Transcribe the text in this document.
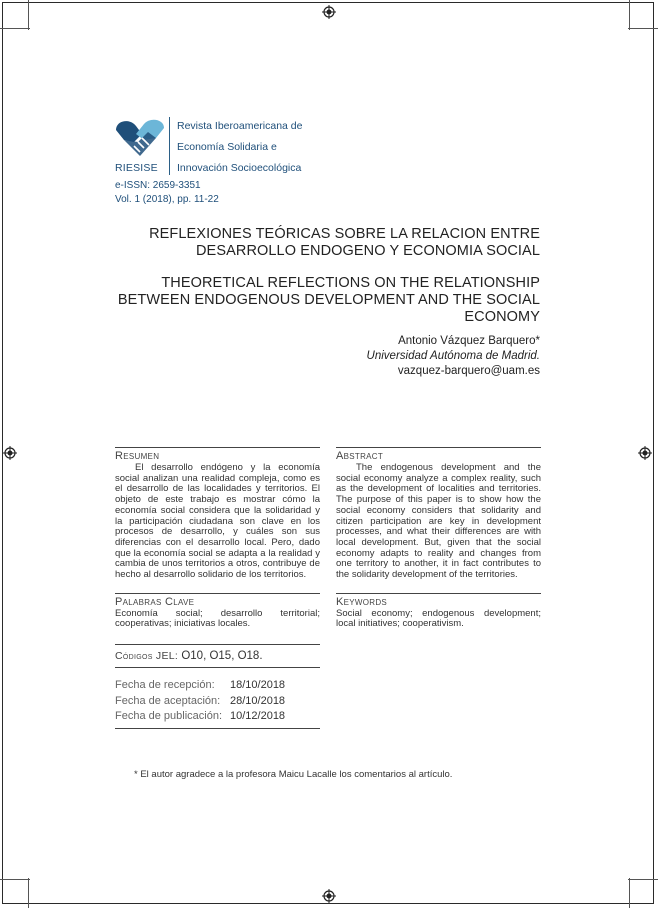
Revista Iberoamericana de
Economía Solidaria e
Innovación Socioecológica
RIESISE
e-ISSN: 2659-3351
Vol. 1 (2018), pp. 11-22
REFLEXIONES TEÓRICAS SOBRE LA RELACION ENTRE
DESARROLLO ENDOGENO Y ECONOMIA SOCIAL
THEORETICAL REFLECTIONS ON THE RELATIONSHIP
BETWEEN ENDOGENOUS DEVELOPMENT AND THE SOCIAL
ECONOMY
Antonio Vázquez Barquero*
Universidad Autónoma de Madrid.
vazquez-barquero@uam.es
Resumen

El desarrollo endógeno y la economía social analizan una realidad compleja, como es el desarrollo de las localidades y territorios. El objeto de este trabajo es mostrar cómo la economía social considera que la solidaridad y la participación ciudadana son clave en los procesos de desarrollo, y cuáles son sus diferencias con el desarrollo local. Pero, dado que la economía social se adapta a la realidad y cambia de unos territorios a otros, contribuye de hecho al desarrollo solidario de los territorios.

Palabras Clave

Economía social; desarrollo territorial; cooperativas; iniciativas locales.

Códigos JEL: O10, O15, O18.
Fecha de recepción:	18/10/2018
Fecha de aceptación: 28/10/2018
Fecha de publicación: 10/12/2018
Abstract

The endogenous development and the social economy analyze a complex reality, such as the development of localities and territories. The purpose of this paper is to show how the social economy considers that solidarity and citizen participation are key in development processes, and what their differences are with local development. But, given that the social economy adapts to reality and changes from one territory to another, it in fact contributes to the solidarity development of the territories.

Keywords

Social economy; endogenous development; local initiatives; cooperativism.

* El autor agradece a la profesora Maicu Lacalle los comentarios al artículo.
